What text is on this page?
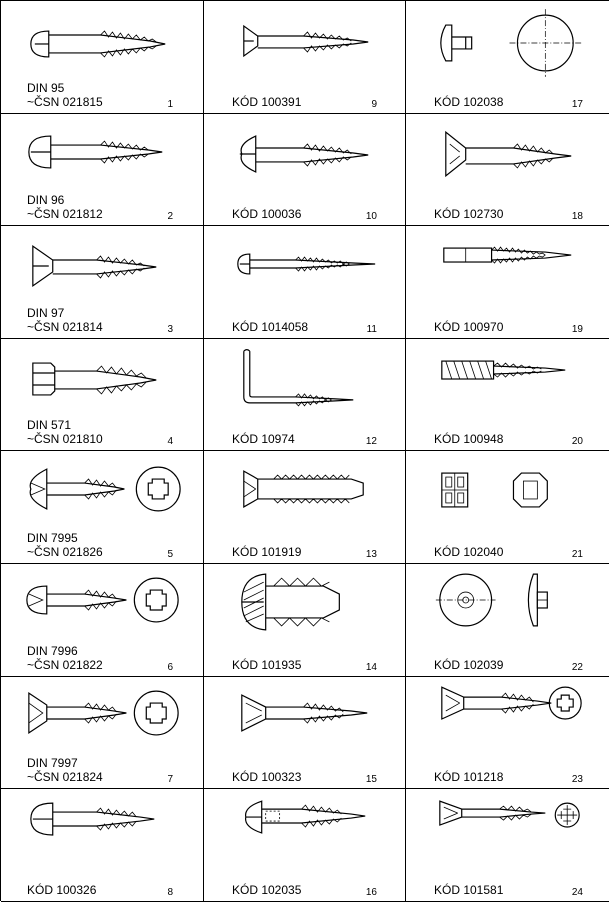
DIN 95
~ČSN 021815	1	KÓD 100391	9	KÓD 102038	17
DIN 96
~ČSN 021812	2	KÓD 100036	10	KÓD 102730	18
DIN 97
~ČSN 021814	3	KÓD 1014058	11	KÓD 100970	19
DIN 571
~ČSN 021810	4	KÓD 10974	12	KÓD 100948	20
DIN 7995
~ČSN 021826	5	KÓD 101919	13	KÓD 102040	21
DIN 7996
~ČSN 021822	6	KÓD 101935	14	KÓD 102039	22
DIN 7997
~ČSN 021824	7	KÓD 100323	15	KÓD 101218	23
KÓD 100326	8	KÓD 102035	16	KÓD 101581	24
